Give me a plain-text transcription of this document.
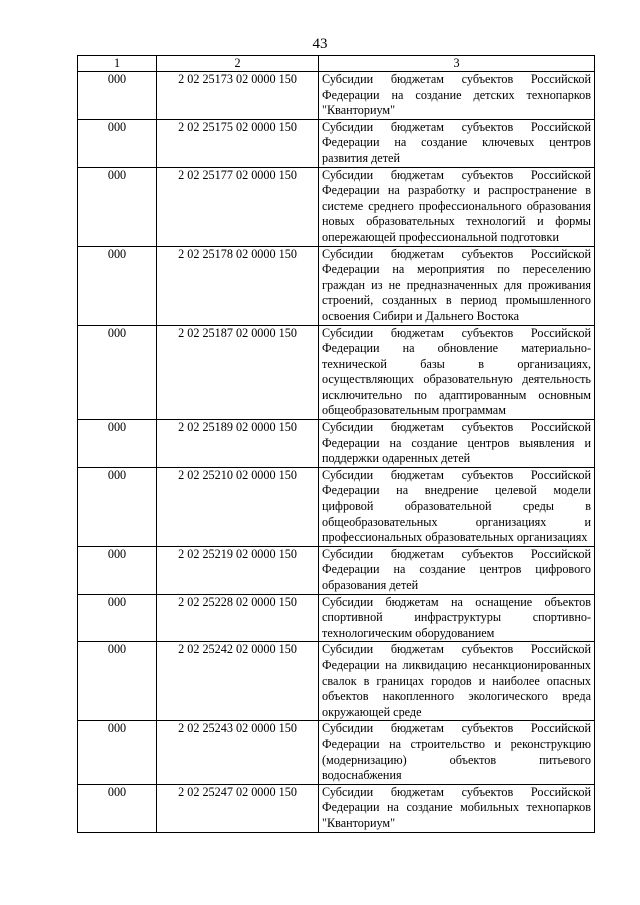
43
1	2	3
000	2 02 25173 02 0000 150	Субсидии бюджетам субъектов Российской Федерации на создание детских технопарков "Кванториум"
000	2 02 25175 02 0000 150	Субсидии бюджетам субъектов Российской Федерации на создание ключевых центров развития детей
000	2 02 25177 02 0000 150	Субсидии бюджетам субъектов Российской Федерации на разработку и распространение в системе среднего профессионального образования новых образовательных технологий и формы опережающей профессиональной подготовки
000	2 02 25178 02 0000 150	Субсидии бюджетам субъектов Российской Федерации на мероприятия по переселению граждан из не предназначенных для проживания строений, созданных в период промышленного освоения Сибири и Дальнего Востока
000	2 02 25187 02 0000 150	Субсидии бюджетам субъектов Российской Федерации на обновление материально-технической базы в организациях, осуществляющих образовательную деятельность исключительно по адаптированным основным общеобразовательным программам
000	2 02 25189 02 0000 150	Субсидии бюджетам субъектов Российской Федерации на создание центров выявления и поддержки одаренных детей
000	2 02 25210 02 0000 150	Субсидии бюджетам субъектов Российской Федерации на внедрение целевой модели цифровой образовательной среды в общеобразовательных организациях и профессиональных образовательных организациях
000	2 02 25219 02 0000 150	Субсидии бюджетам субъектов Российской Федерации на создание центров цифрового образования детей
000	2 02 25228 02 0000 150	Субсидии бюджетам на оснащение объектов спортивной инфраструктуры спортивно-технологическим оборудованием
000	2 02 25242 02 0000 150	Субсидии бюджетам субъектов Российской Федерации на ликвидацию несанкционированных свалок в границах городов и наиболее опасных объектов накопленного экологического вреда окружающей среде
000	2 02 25243 02 0000 150	Субсидии бюджетам субъектов Российской Федерации на строительство и реконструкцию (модернизацию) объектов питьевого водоснабжения
000	2 02 25247 02 0000 150	Субсидии бюджетам субъектов Российской Федерации на создание мобильных технопарков "Кванториум"
